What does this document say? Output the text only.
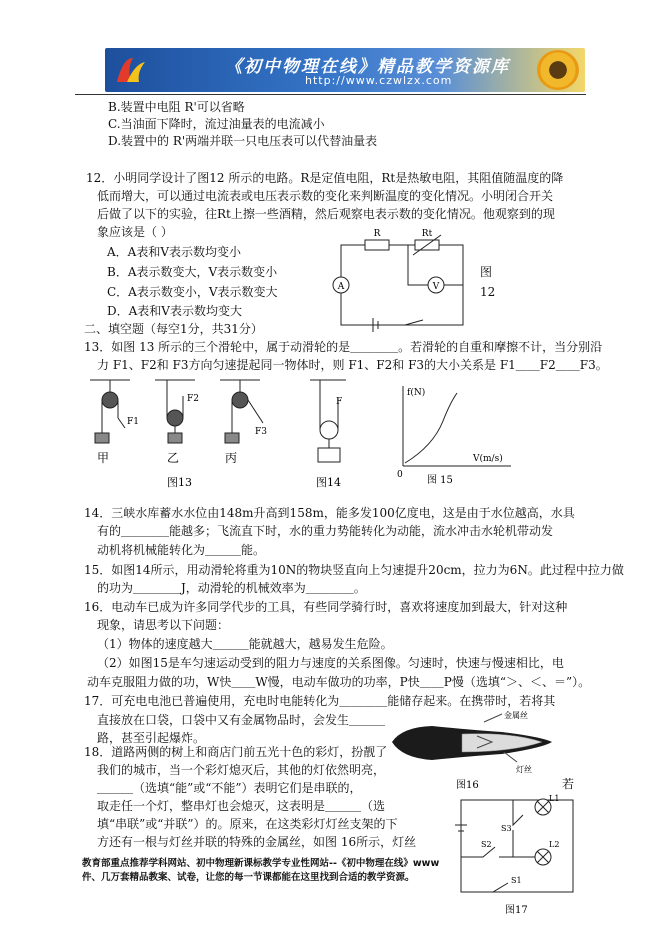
《初中物理在线》精品教学资源库
http://www.czwlzx.com
B.装置中电阻 R'可以省略
C.当油面下降时，流过油量表的电流减小
D.装置中的 R'两端并联一只电压表可以代替油量表
12．小明同学设计了图12 所示的电路。R是定值电阻，Rt是热敏电阻，其阻值随温度的降
低而增大，可以通过电流表或电压表示数的变化来判断温度的变化情况。小明闭合开关
后做了以下的实验，往Rt上擦一些酒精，然后观察电表示数的变化情况。他观察到的现
象应该是（ ）
A．A表和V表示数均变小
B．A表示数变大，V表示数变小
C．A表示数变小，V表示数变大
D．A表和V表示数均变大
二、填空题（每空1分，共31分）
13．如图 13 所示的三个滑轮中，属于动滑轮的是＿＿＿＿。若滑轮的自重和摩擦不计，当分别沿
力 F1、F2和 F3方向匀速提起同一物体时，则 F1、F2和 F3的大小关系是 F1＿＿F2＿＿F3。
14．三峡水库蓄水水位由148m升高到158m，能多发100亿度电，这是由于水位越高，水具
有的＿＿＿＿能越多；飞流直下时，水的重力势能转化为动能，流水冲击水轮机带动发
动机将机械能转化为＿＿＿能。
15．如图14所示，用动滑轮将重为10N的物块竖直向上匀速提升20cm，拉力为6N。此过程中拉力做
的功为＿＿＿＿J，动滑轮的机械效率为＿＿＿＿。
16．电动车已成为许多同学代步的工具，有些同学骑行时，喜欢将速度加到最大，针对这种
现象，请思考以下问题：
（1）物体的速度越大＿＿＿能就越大，越易发生危险。
（2）如图15是车匀速运动受到的阻力与速度的关系图像。匀速时，快速与慢速相比，电
动车克服阻力做的功，W快＿＿W慢，电动车做功的功率，P快＿＿P慢（选填“＞、＜、＝”）。
17．可充电电池已普遍使用，充电时电能转化为＿＿＿＿能储存起来。在携带时，若将其
直接放在口袋，口袋中又有金属物品时，会发生＿＿＿
路，甚至引起爆炸。
18．道路两侧的树上和商店门前五光十色的彩灯，扮靓了
我们的城市，当一个彩灯熄灭后，其他的灯依然明亮，
＿＿＿（选填“能”或“不能”）表明它们是串联的，
取走任一个灯，整串灯也会熄灭，这表明是＿＿＿（选
填“串联”或“并联”）的。原来，在这类彩灯灯丝支架的下
方还有一根与灯丝并联的特殊的金属丝，如图 16所示，灯丝
R	Rt
A	V
图
12
F1
F2
F3
甲	乙	丙
图13
F
图14
f(N)
V(m/s)
0 图 15
金属丝
灯丝
图16	若
L1
L2
S2
S3
S1
图17
教育部重点推荐学科网站、初中物理新课标教学专业性网站--《初中物理在线》www
件、几万套精品教案、试卷，让您的每一节课都能在这里找到合适的教学资源。
